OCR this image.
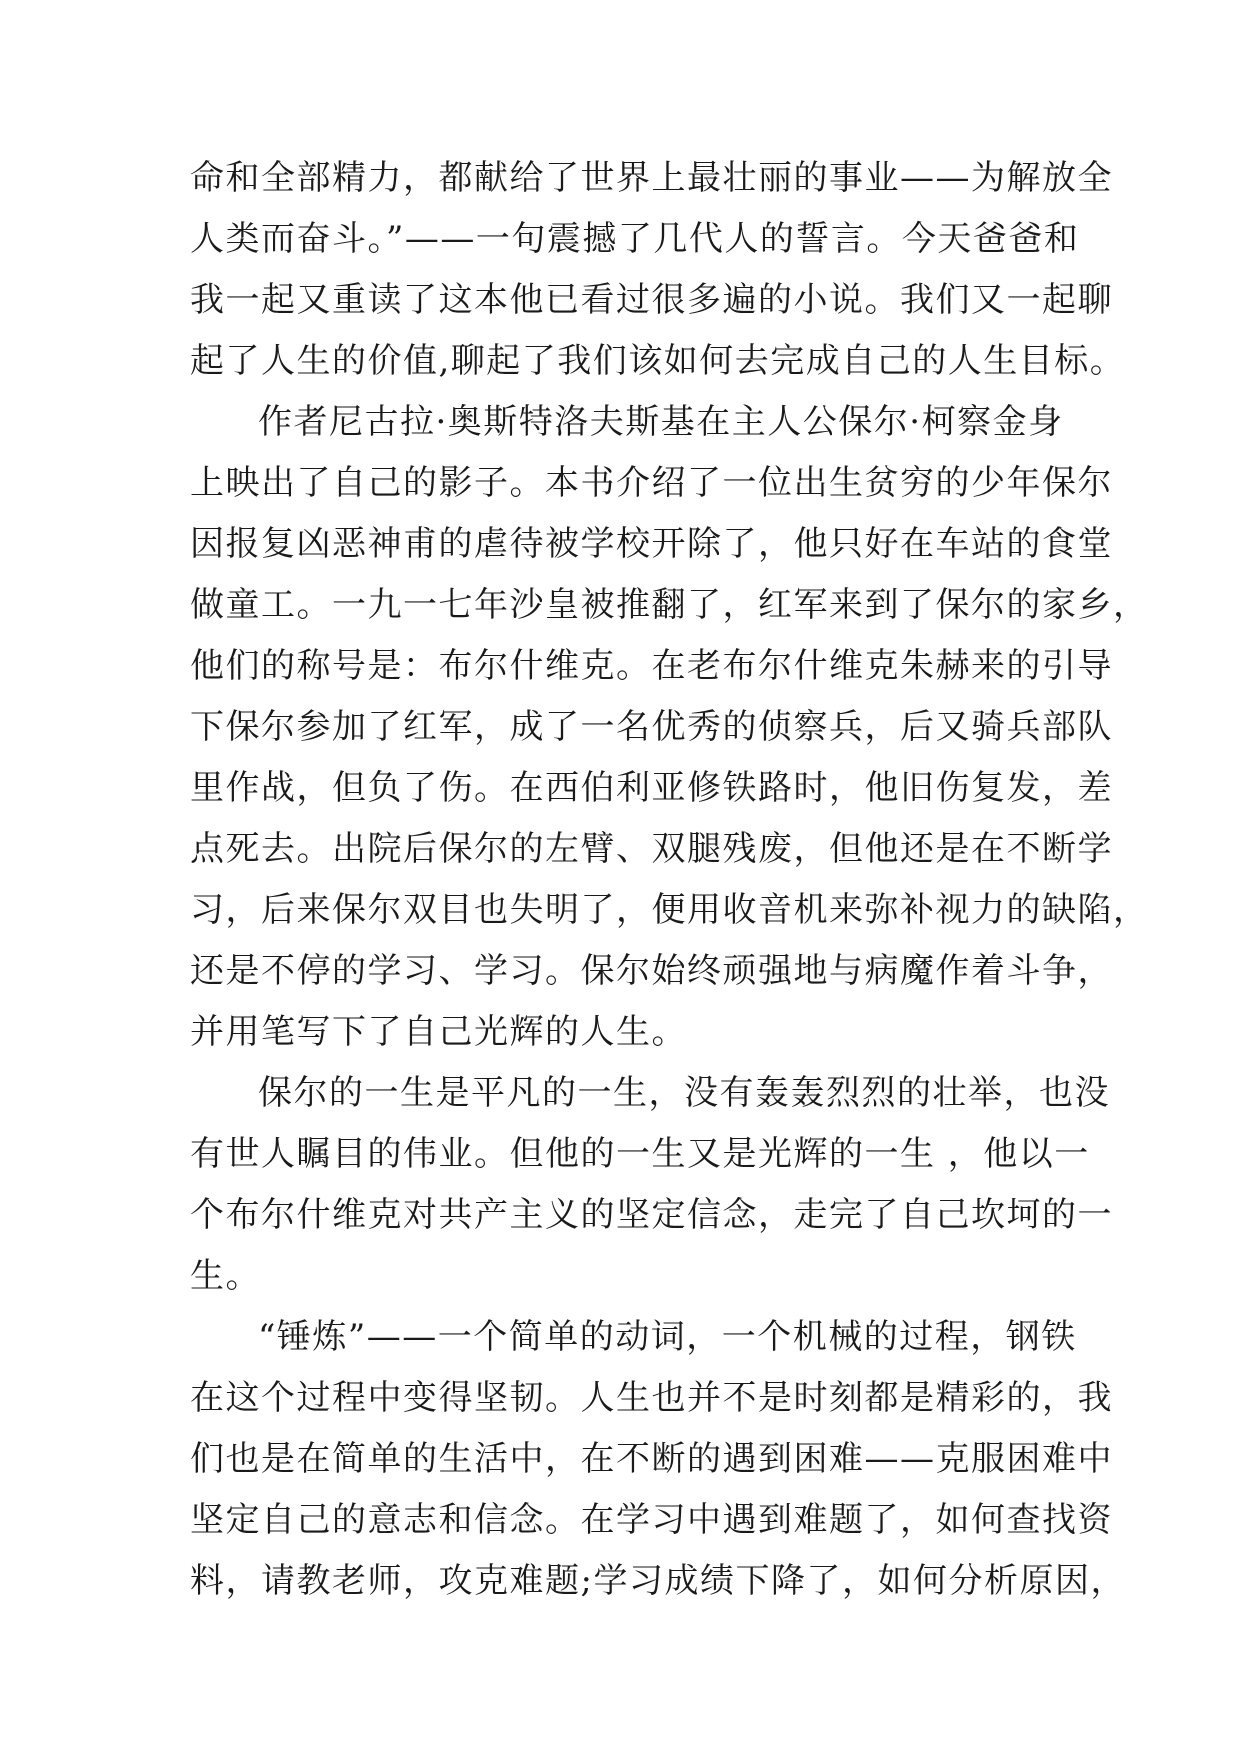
命和全部精力，都献给了世界上最壮丽的事业——为解放全
人类而奋斗。”——一句震撼了几代人的誓言。今天爸爸和
我一起又重读了这本他已看过很多遍的小说。我们又一起聊
起了人生的价值,聊起了我们该如何去完成自己的人生目标。
作者尼古拉·奥斯特洛夫斯基在主人公保尔·柯察金身
上映出了自己的影子。本书介绍了一位出生贫穷的少年保尔
因报复凶恶神甫的虐待被学校开除了，他只好在车站的食堂
做童工。一九一七年沙皇被推翻了，红军来到了保尔的家乡，
他们的称号是：布尔什维克。在老布尔什维克朱赫来的引导
下保尔参加了红军，成了一名优秀的侦察兵，后又骑兵部队
里作战，但负了伤。在西伯利亚修铁路时，他旧伤复发，差
点死去。出院后保尔的左臂、双腿残废，但他还是在不断学
习，后来保尔双目也失明了，便用收音机来弥补视力的缺陷，
还是不停的学习、学习。保尔始终顽强地与病魔作着斗争，
并用笔写下了自己光辉的人生。
保尔的一生是平凡的一生，没有轰轰烈烈的壮举，也没
有世人瞩目的伟业。但他的一生又是光辉的一生 ，他以一
个布尔什维克对共产主义的坚定信念，走完了自己坎坷的一
生。
“锤炼”——一个简单的动词，一个机械的过程，钢铁
在这个过程中变得坚韧。人生也并不是时刻都是精彩的，我
们也是在简单的生活中，在不断的遇到困难——克服困难中
坚定自己的意志和信念。在学习中遇到难题了，如何查找资
料，请教老师，攻克难题;学习成绩下降了，如何分析原因，
